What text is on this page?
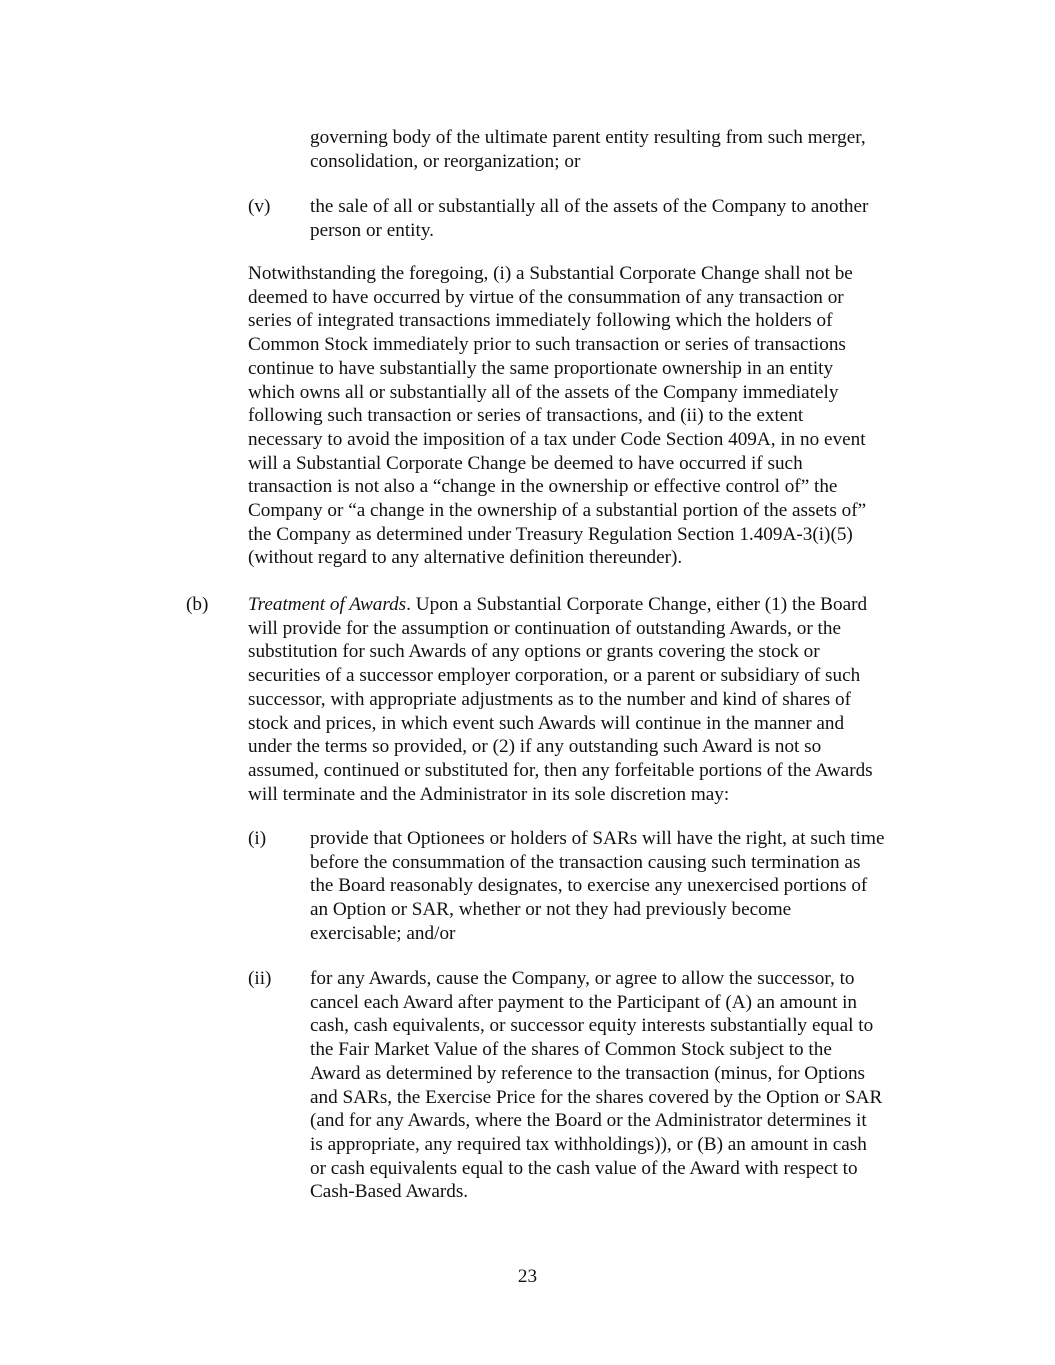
governing body of the ultimate parent entity resulting from such merger,
consolidation, or reorganization; or
(v) the sale of all or substantially all of the assets of the Company to another
person or entity.
Notwithstanding the foregoing, (i) a Substantial Corporate Change shall not be
deemed to have occurred by virtue of the consummation of any transaction or
series of integrated transactions immediately following which the holders of
Common Stock immediately prior to such transaction or series of transactions
continue to have substantially the same proportionate ownership in an entity
which owns all or substantially all of the assets of the Company immediately
following such transaction or series of transactions, and (ii) to the extent
necessary to avoid the imposition of a tax under Code Section 409A, in no event
will a Substantial Corporate Change be deemed to have occurred if such
transaction is not also a “change in the ownership or effective control of” the
Company or “a change in the ownership of a substantial portion of the assets of”
the Company as determined under Treasury Regulation Section 1.409A-3(i)(5)
(without regard to any alternative definition thereunder).
(b) Treatment of Awards. Upon a Substantial Corporate Change, either (1) the Board
will provide for the assumption or continuation of outstanding Awards, or the
substitution for such Awards of any options or grants covering the stock or
securities of a successor employer corporation, or a parent or subsidiary of such
successor, with appropriate adjustments as to the number and kind of shares of
stock and prices, in which event such Awards will continue in the manner and
under the terms so provided, or (2) if any outstanding such Award is not so
assumed, continued or substituted for, then any forfeitable portions of the Awards
will terminate and the Administrator in its sole discretion may:
(i) provide that Optionees or holders of SARs will have the right, at such time
before the consummation of the transaction causing such termination as
the Board reasonably designates, to exercise any unexercised portions of
an Option or SAR, whether or not they had previously become
exercisable; and/or
(ii) for any Awards, cause the Company, or agree to allow the successor, to
cancel each Award after payment to the Participant of (A) an amount in
cash, cash equivalents, or successor equity interests substantially equal to
the Fair Market Value of the shares of Common Stock subject to the
Award as determined by reference to the transaction (minus, for Options
and SARs, the Exercise Price for the shares covered by the Option or SAR
(and for any Awards, where the Board or the Administrator determines it
is appropriate, any required tax withholdings)), or (B) an amount in cash
or cash equivalents equal to the cash value of the Award with respect to
Cash-Based Awards.
23
